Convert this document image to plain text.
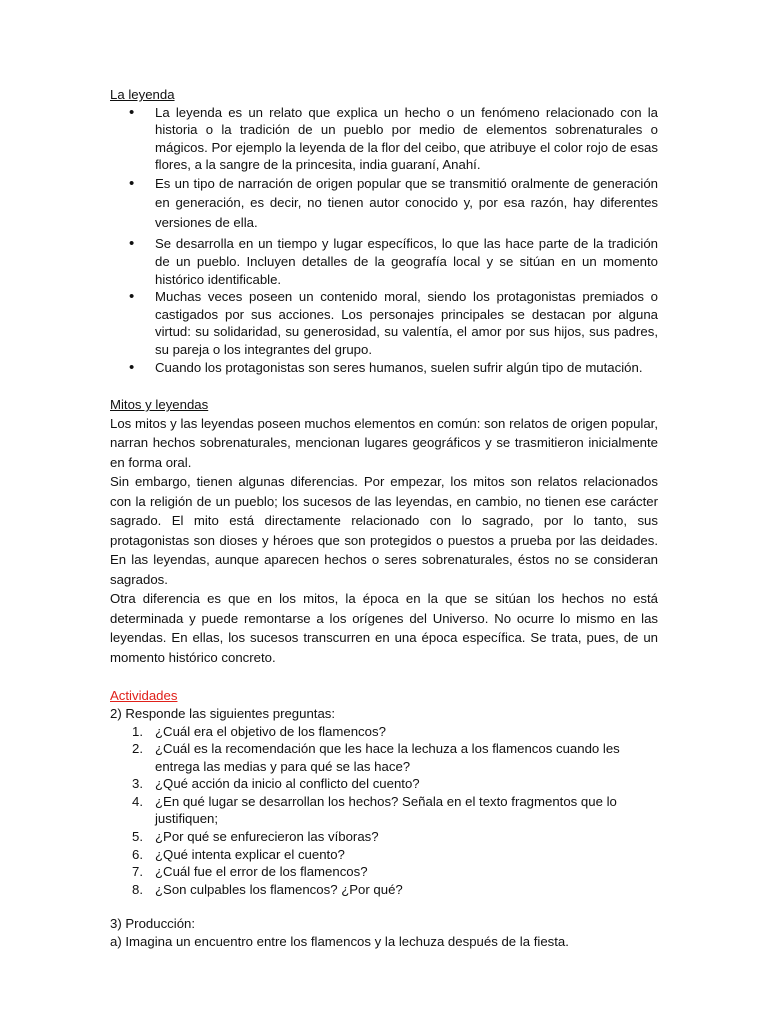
La leyenda

• La leyenda es un relato que explica un hecho o un fenómeno relacionado con la historia o la tradición de un pueblo por medio de elementos sobrenaturales o mágicos. Por ejemplo la leyenda de la flor del ceibo, que atribuye el color rojo de esas flores, a la sangre de la princesita, india guaraní, Anahí.
• Es un tipo de narración de origen popular que se transmitió oralmente de generación en generación, es decir, no tienen autor conocido y, por esa razón, hay diferentes versiones de ella.
• Se desarrolla en un tiempo y lugar específicos, lo que las hace parte de la tradición de un pueblo. Incluyen detalles de la geografía local y se sitúan en un momento histórico identificable.
• Muchas veces poseen un contenido moral, siendo los protagonistas premiados o castigados por sus acciones. Los personajes principales se destacan por alguna virtud: su solidaridad, su generosidad, su valentía, el amor por sus hijos, sus padres, su pareja o los integrantes del grupo.
• Cuando los protagonistas son seres humanos, suelen sufrir algún tipo de mutación.

Mitos y leyendas

Los mitos y las leyendas poseen muchos elementos en común: son relatos de origen popular, narran hechos sobrenaturales, mencionan lugares geográficos y se trasmitieron inicialmente en forma oral.

Sin embargo, tienen algunas diferencias. Por empezar, los mitos son relatos relacionados con la religión de un pueblo; los sucesos de las leyendas, en cambio, no tienen ese carácter sagrado. El mito está directamente relacionado con lo sagrado, por lo tanto, sus protagonistas son dioses y héroes que son protegidos o puestos a prueba por las deidades. En las leyendas, aunque aparecen hechos o seres sobrenaturales, éstos no se consideran sagrados.

Otra diferencia es que en los mitos, la época en la que se sitúan los hechos no está determinada y puede remontarse a los orígenes del Universo. No ocurre lo mismo en las leyendas. En ellas, los sucesos transcurren en una época específica. Se trata, pues, de un momento histórico concreto.

Actividades

2) Responde las siguientes preguntas:

1. ¿Cuál era el objetivo de los flamencos?
2. ¿Cuál es la recomendación que les hace la lechuza a los flamencos cuando les entrega las medias y para qué se las hace?
3. ¿Qué acción da inicio al conflicto del cuento?
4. ¿En qué lugar se desarrollan los hechos? Señala en el texto fragmentos que lo justifiquen;
5. ¿Por qué se enfurecieron las víboras?
6. ¿Qué intenta explicar el cuento?
7. ¿Cuál fue el error de los flamencos?
8. ¿Son culpables los flamencos? ¿Por qué?

3) Producción:

a) Imagina un encuentro entre los flamencos y la lechuza después de la fiesta.
